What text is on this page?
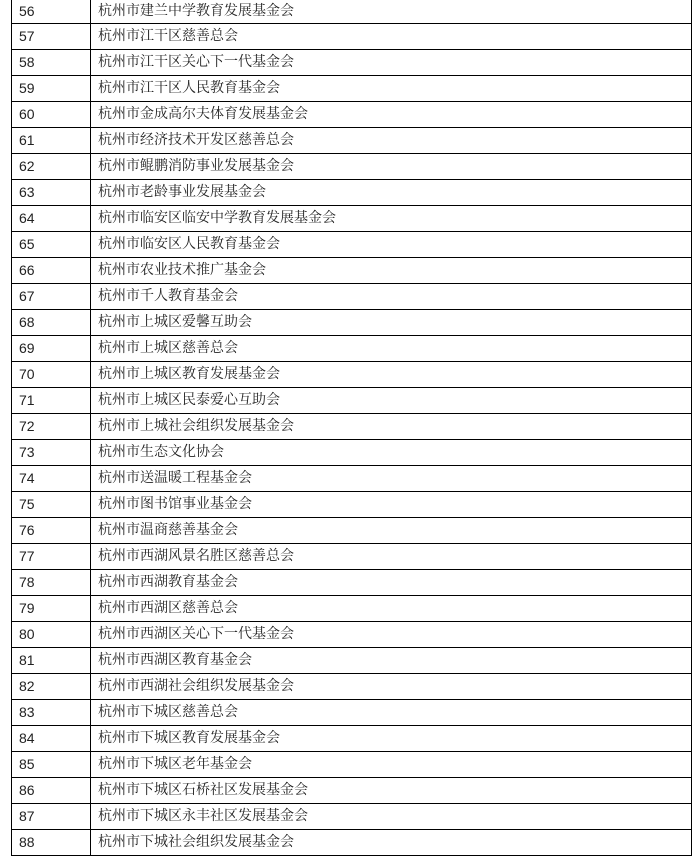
56	杭州市建兰中学教育发展基金会
57	杭州市江干区慈善总会
58	杭州市江干区关心下一代基金会
59	杭州市江干区人民教育基金会
60	杭州市金成高尔夫体育发展基金会
61	杭州市经济技术开发区慈善总会
62	杭州市鲲鹏消防事业发展基金会
63	杭州市老龄事业发展基金会
64	杭州市临安区临安中学教育发展基金会
65	杭州市临安区人民教育基金会
66	杭州市农业技术推广基金会
67	杭州市千人教育基金会
68	杭州市上城区爱馨互助会
69	杭州市上城区慈善总会
70	杭州市上城区教育发展基金会
71	杭州市上城区民泰爱心互助会
72	杭州市上城社会组织发展基金会
73	杭州市生态文化协会
74	杭州市送温暖工程基金会
75	杭州市图书馆事业基金会
76	杭州市温商慈善基金会
77	杭州市西湖风景名胜区慈善总会
78	杭州市西湖教育基金会
79	杭州市西湖区慈善总会
80	杭州市西湖区关心下一代基金会
81	杭州市西湖区教育基金会
82	杭州市西湖社会组织发展基金会
83	杭州市下城区慈善总会
84	杭州市下城区教育发展基金会
85	杭州市下城区老年基金会
86	杭州市下城区石桥社区发展基金会
87	杭州市下城区永丰社区发展基金会
88	杭州市下城社会组织发展基金会
